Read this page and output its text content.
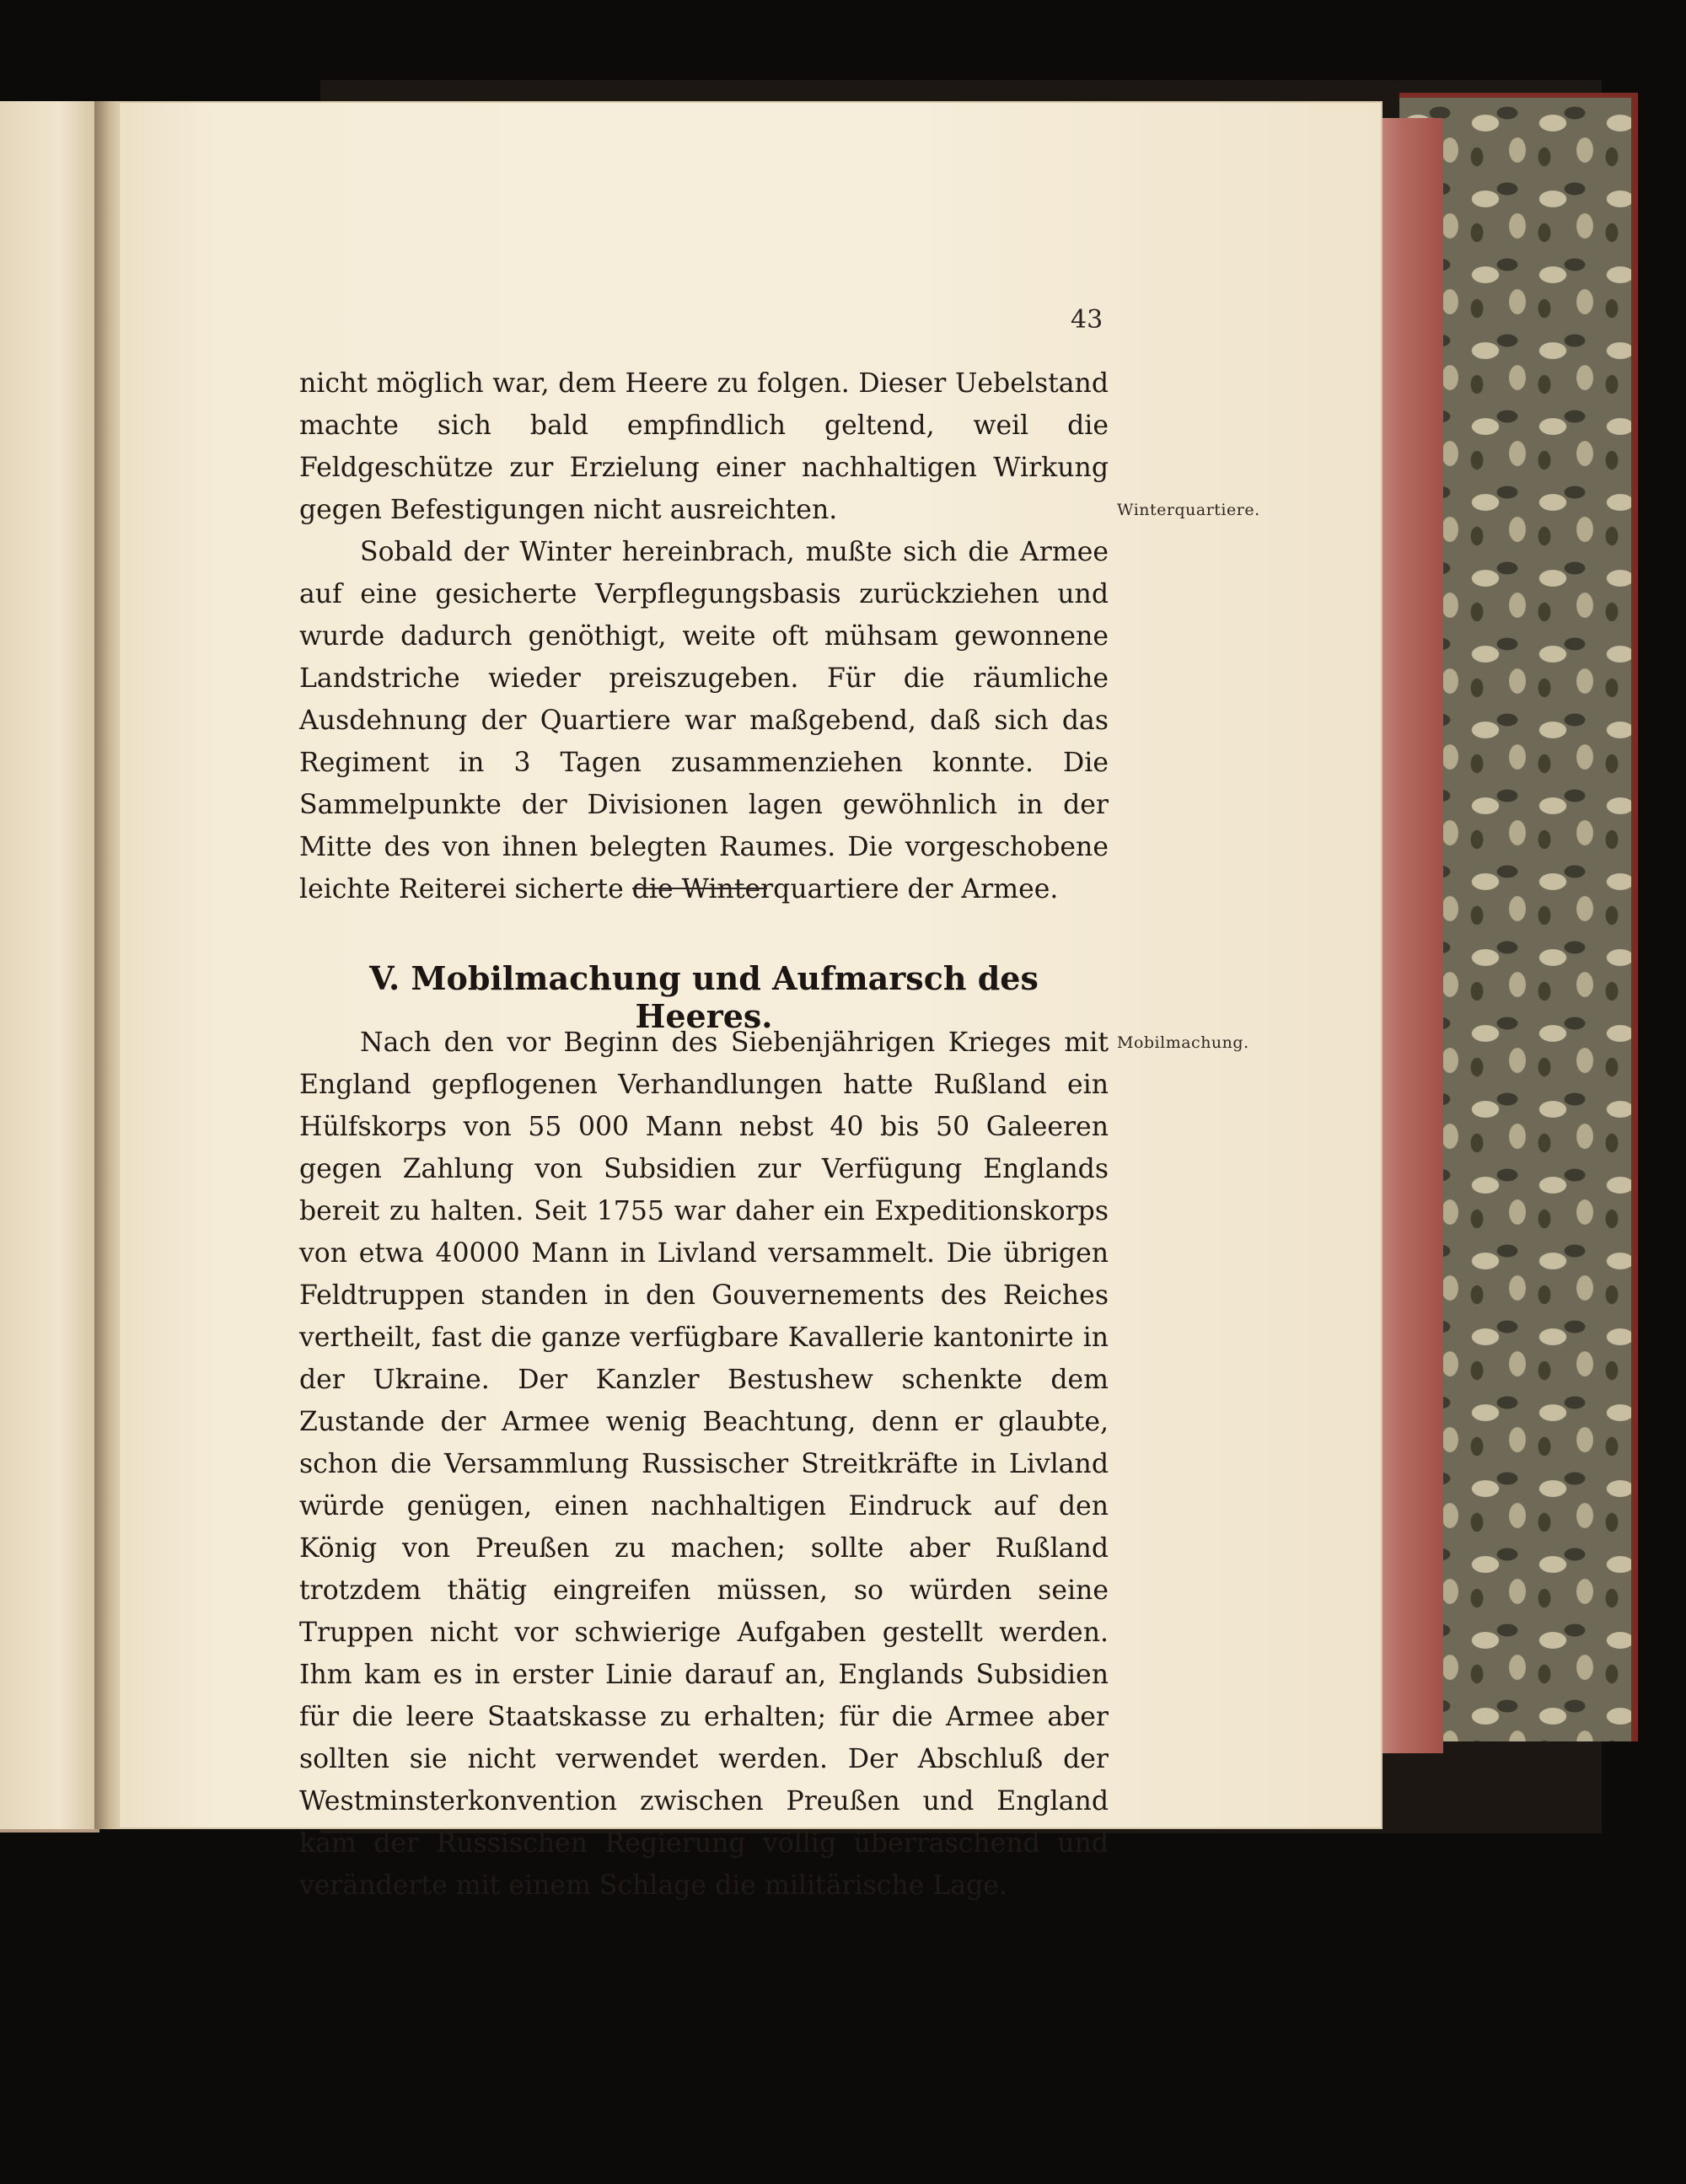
43

nicht möglich war, dem Heere zu folgen. Dieser Uebelstand machte sich bald empfindlich geltend, weil die Feldgeschütze zur Erzielung einer nachhaltigen Wirkung gegen Befestigungen nicht ausreichten.

Sobald der Winter hereinbrach, mußte sich die Armee auf eine gesicherte Verpflegungsbasis zurückziehen und wurde dadurch genöthigt, weite oft mühsam gewonnene Landstriche wieder preiszugeben. Für die räumliche Ausdehnung der Quartiere war maßgebend, daß sich das Regiment in 3 Tagen zusammenziehen konnte. Die Sammelpunkte der Divisionen lagen gewöhnlich in der Mitte des von ihnen belegten Raumes. Die vorgeschobene leichte Reiterei sicherte die Winterquartiere der Armee.

Winterquartiere.
V. Mobilmachung und Aufmarsch des Heeres.
Mobilmachung.

Nach den vor Beginn des Siebenjährigen Krieges mit England gepflogenen Verhandlungen hatte Rußland ein Hülfskorps von 55 000 Mann nebst 40 bis 50 Galeeren gegen Zahlung von Subsidien zur Verfügung Englands bereit zu halten. Seit 1755 war daher ein Expeditionskorps von etwa 40000 Mann in Livland versammelt. Die übrigen Feldtruppen standen in den Gouvernements des Reiches vertheilt, fast die ganze verfügbare Kavallerie kantonirte in der Ukraine. Der Kanzler Bestushew schenkte dem Zustande der Armee wenig Beachtung, denn er glaubte, schon die Versammlung Russischer Streitkräfte in Livland würde genügen, einen nachhaltigen Eindruck auf den König von Preußen zu machen; sollte aber Rußland trotzdem thätig eingreifen müssen, so würden seine Truppen nicht vor schwierige Aufgaben gestellt werden. Ihm kam es in erster Linie darauf an, Englands Subsidien für die leere Staatskasse zu erhalten; für die Armee aber sollten sie nicht verwendet werden. Der Abschluß der Westminsterkonvention zwischen Preußen und England kam der Russischen Regierung völlig überraschend und veränderte mit einem Schlage die militärische Lage.
